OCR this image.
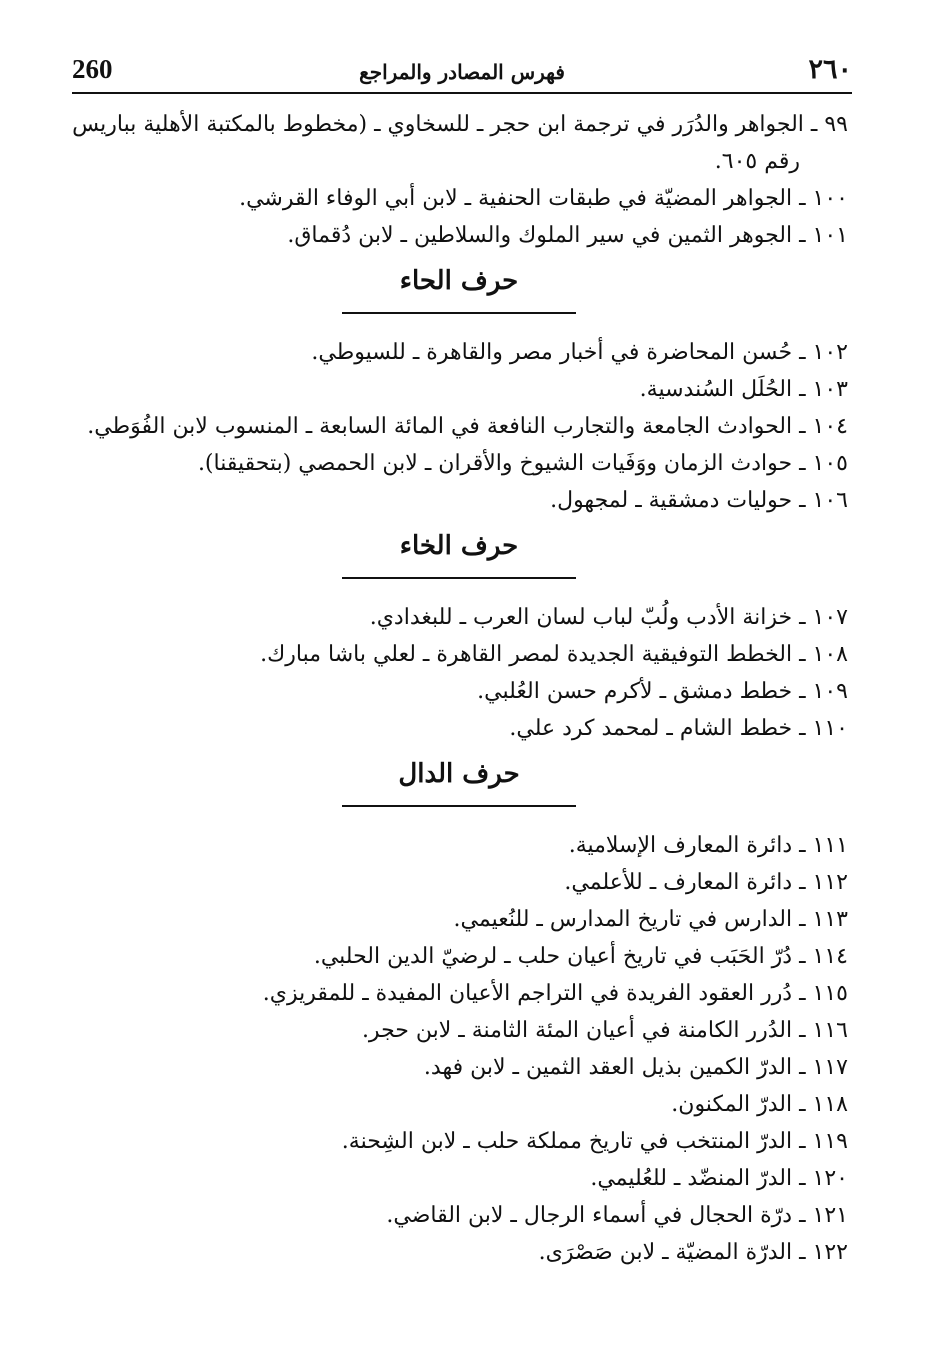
260	فهرس المصادر والمراجع	٢٦٠
٩٩ ـ الجواهر والدُرَر في ترجمة ابن حجر ـ للسخاوي ـ (مخطوط بالمكتبة الأهلية بباريس
رقم ٦٠٥.
١٠٠ ـ الجواهر المضيّة في طبقات الحنفية ـ لابن أبي الوفاء القرشي.
١٠١ ـ الجوهر الثمين في سير الملوك والسلاطين ـ لابن دُقماق.
حرف الحاء
١٠٢ ـ حُسن المحاضرة في أخبار مصر والقاهرة ـ للسيوطي.
١٠٣ ـ الحُلَل السُندسية.
١٠٤ ـ الحوادث الجامعة والتجارب النافعة في المائة السابعة ـ المنسوب لابن الفُوَطي.
١٠٥ ـ حوادث الزمان ووَفَيات الشيوخ والأقران ـ لابن الحمصي (بتحقيقنا).
١٠٦ ـ حوليات دمشقية ـ لمجهول.
حرف الخاء
١٠٧ ـ خزانة الأدب ولُبّ لباب لسان العرب ـ للبغدادي.
١٠٨ ـ الخطط التوفيقية الجديدة لمصر القاهرة ـ لعلي باشا مبارك.
١٠٩ ـ خطط دمشق ـ لأكرم حسن العُلبي.
١١٠ ـ خطط الشام ـ لمحمد كرد علي.
حرف الدال
١١١ ـ دائرة المعارف الإسلامية.
١١٢ ـ دائرة المعارف ـ للأعلمي.
١١٣ ـ الدارس في تاريخ المدارس ـ للنُعيمي.
١١٤ ـ دُرّ الحَبَب في تاريخ أعيان حلب ـ لرضيّ الدين الحلبي.
١١٥ ـ دُرر العقود الفريدة في التراجم الأعيان المفيدة ـ للمقريزي.
١١٦ ـ الدُرر الكامنة في أعيان المئة الثامنة ـ لابن حجر.
١١٧ ـ الدرّ الكمين بذيل العقد الثمين ـ لابن فهد.
١١٨ ـ الدرّ المكنون.
١١٩ ـ الدرّ المنتخب في تاريخ مملكة حلب ـ لابن الشِحنة.
١٢٠ ـ الدرّ المنضّد ـ للعُليمي.
١٢١ ـ درّة الحجال في أسماء الرجال ـ لابن القاضي.
١٢٢ ـ الدرّة المضيّة ـ لابن صَصْرَى.
